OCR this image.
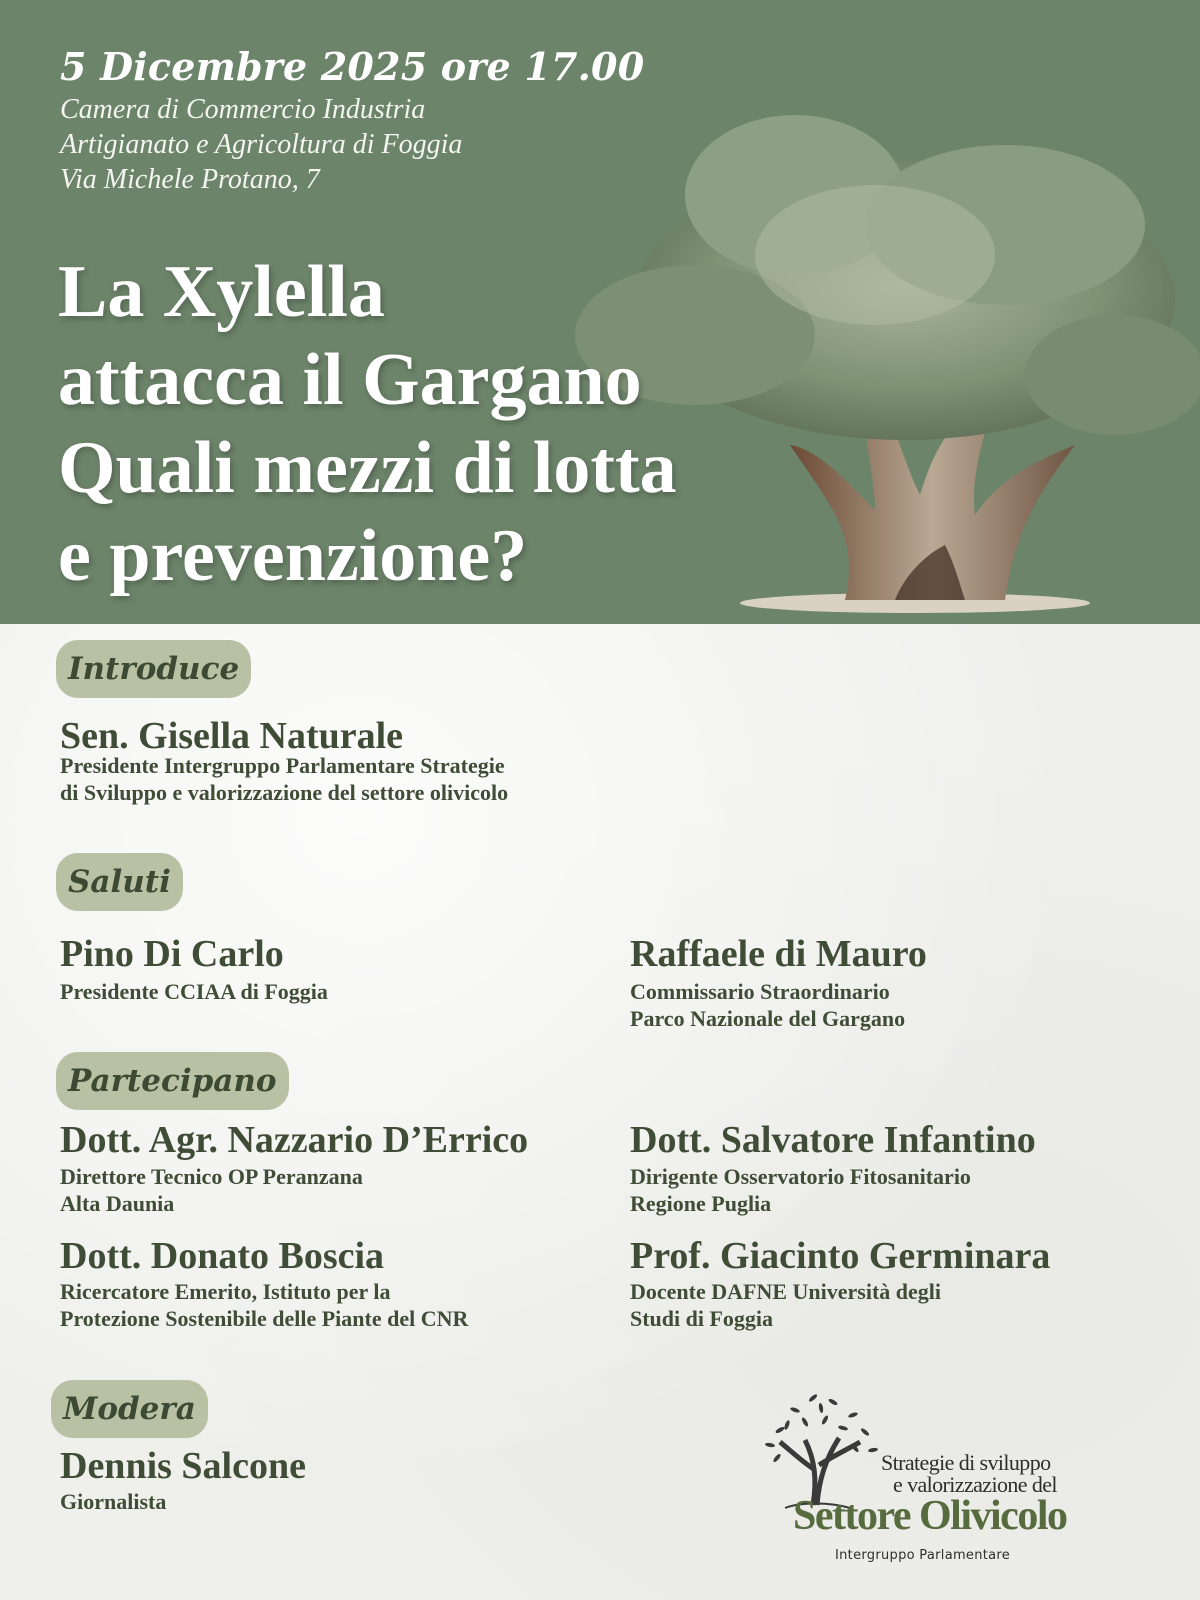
5 Dicembre 2025 ore 17.00
Camera di Commercio Industria
Artigianato e Agricoltura di Foggia
Via Michele Protano, 7
La Xylella
attacca il Gargano
Quali mezzi di lotta
e prevenzione?
Introduce
Sen. Gisella Naturale
Presidente Intergruppo Parlamentare Strategie
di Sviluppo e valorizzazione del settore olivicolo
Saluti
Pino Di Carlo
Presidente CCIAA di Foggia
Raffaele di Mauro
Commissario Straordinario
Parco Nazionale del Gargano
Partecipano
Dott. Agr. Nazzario D’Errico
Direttore Tecnico OP Peranzana
Alta Daunia
Dott. Salvatore Infantino
Dirigente Osservatorio Fitosanitario
Regione Puglia
Dott. Donato Boscia
Ricercatore Emerito, Istituto per la
Protezione Sostenibile delle Piante del CNR
Prof. Giacinto Germinara
Docente DAFNE Università degli
Studi di Foggia
Modera
Dennis Salcone
Giornalista
Strategie di sviluppo
e valorizzazione del
Settore Olivicolo
Intergruppo Parlamentare
